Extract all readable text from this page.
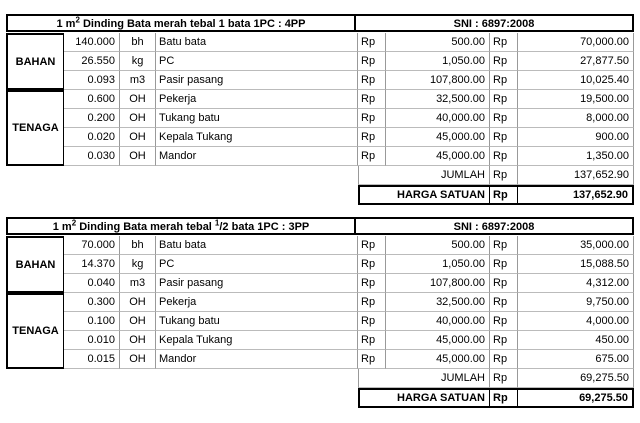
1 $m^2$ Dinding Bata merah tebal 1 bata 1PC : 4PP	SNI : 6897:2008
BAHAN
TENAGA
140.000	bh	Batu bata	Rp	500.00 Rp	70,000.00
26.550	kg	PC	Rp	1,050.00 Rp	27,877.50
0.093	m3	Pasir pasang	Rp	107,800.00 Rp	10,025.40
0.600	OH	Pekerja	Rp	32,500.00 Rp	19,500.00
0.200	OH	Tukang batu	Rp	40,000.00 Rp	8,000.00
0.020	OH	Kepala Tukang	Rp	45,000.00 Rp	900.00
0.030	OH	Mandor	Rp	45,000.00 Rp	1,350.00
JUMLAH Rp	137,652.90
HARGA SATUAN Rp	137,652.90
1 $m^2$ Dinding Bata merah tebal $^1$/2 bata 1PC : 3PP	SNI : 6897:2008
BAHAN
TENAGA
70.000	bh	Batu bata	Rp	500.00 Rp	35,000.00
14.370	kg	PC	Rp	1,050.00 Rp	15,088.50
0.040	m3	Pasir pasang	Rp	107,800.00 Rp	4,312.00
0.300	OH	Pekerja	Rp	32,500.00 Rp	9,750.00
0.100	OH	Tukang batu	Rp	40,000.00 Rp	4,000.00
0.010	OH	Kepala Tukang	Rp	45,000.00 Rp	450.00
0.015	OH	Mandor	Rp	45,000.00 Rp	675.00
JUMLAH Rp	69,275.50
HARGA SATUAN Rp	69,275.50
